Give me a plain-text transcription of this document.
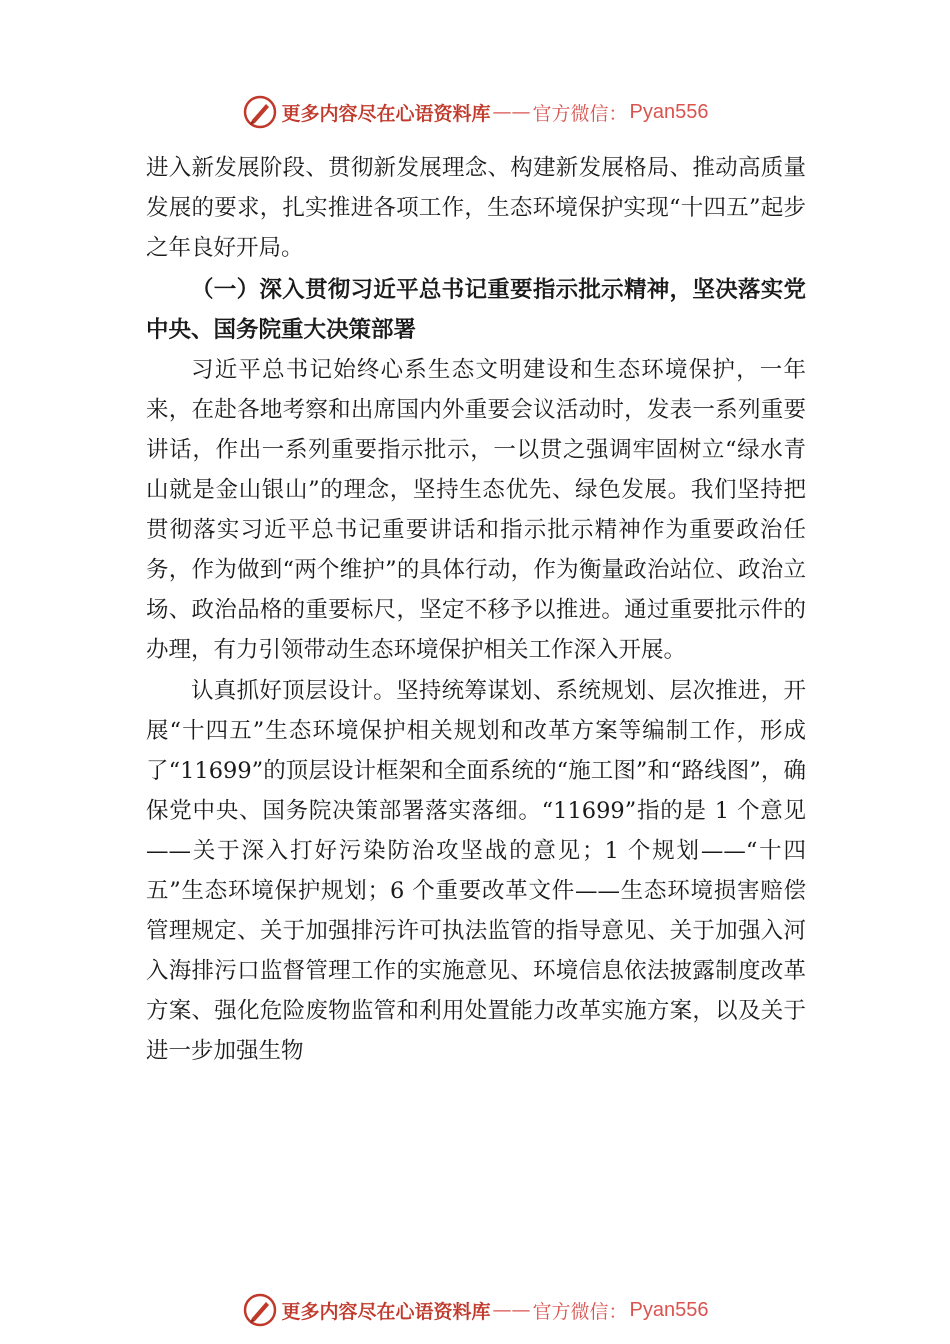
更多内容尽在心语资料库 —— 官方微信： Pyan556

进入新发展阶段、贯彻新发展理念、构建新发展格局、推动高质量发展的要求，扎实推进各项工作，生态环境保护实现“十四五”起步之年良好开局。

（一）深入贯彻习近平总书记重要指示批示精神，坚决落实党中央、国务院重大决策部署

习近平总书记始终心系生态文明建设和生态环境保护，一年来，在赴各地考察和出席国内外重要会议活动时，发表一系列重要讲话，作出一系列重要指示批示，一以贯之强调牢固树立“绿水青山就是金山银山”的理念，坚持生态优先、绿色发展。我们坚持把贯彻落实习近平总书记重要讲话和指示批示精神作为重要政治任务，作为做到“两个维护”的具体行动，作为衡量政治站位、政治立场、政治品格的重要标尺，坚定不移予以推进。通过重要批示件的办理，有力引领带动生态环境保护相关工作深入开展。

认真抓好顶层设计。坚持统筹谋划、系统规划、层次推进，开展“十四五”生态环境保护相关规划和改革方案等编制工作，形成了“11699”的顶层设计框架和全面系统的“施工图”和“路线图”，确保党中央、国务院决策部署落实落细。“11699”指的是 1 个意见——关于深入打好污染防治攻坚战的意见；1 个规划——“十四五”生态环境保护规划；6 个重要改革文件——生态环境损害赔偿管理规定、关于加强排污许可执法监管的指导意见、关于加强入河入海排污口监督管理工作的实施意见、环境信息依法披露制度改革方案、强化危险废物监管和利用处置能力改革实施方案，以及关于进一步加强生物

更多内容尽在心语资料库 —— 官方微信： Pyan556
